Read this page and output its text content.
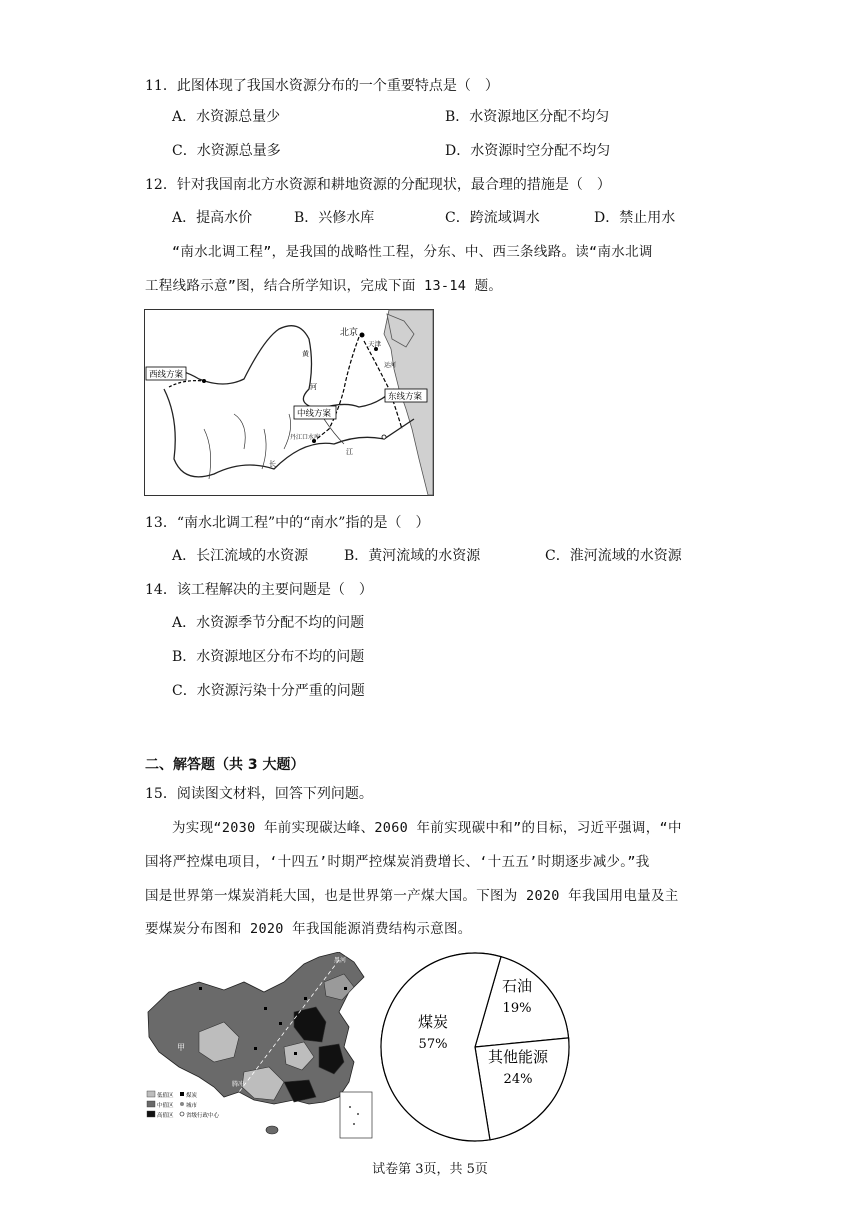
11．此图体现了我国水资源分布的一个重要特点是（　）
A．水资源总量少	B．水资源地区分配不均匀
C．水资源总量多	D．水资源时空分配不均匀
12．针对我国南北方水资源和耕地资源的分配现状，最合理的措施是（　）
A．提高水价	B．兴修水库	C．跨流域调水	D．禁止用水
“南水北调工程”，是我国的战略性工程，分东、中、西三条线路。读“南水北调
工程线路示意”图，结合所学知识，完成下面 13-14 题。
西线方案
中线方案
东线方案
北京
天津
丹江口水库
黄
河
长
江
运河
13．“南水北调工程”中的“南水”指的是（　）
A．长江流域的水资源	B．黄河流域的水资源	C．淮河流域的水资源
14．该工程解决的主要问题是（　）
A．水资源季节分配不均的问题
B．水资源地区分布不均的问题
C．水资源污染十分严重的问题
二、解答题（共 3 大题）
15．阅读图文材料，回答下列问题。
为实现“2030 年前实现碳达峰、2060 年前实现碳中和”的目标，习近平强调，“中
国将严控煤电项目，‘十四五’时期严控煤炭消费增长、‘十五五’时期逐步减少。”我
国是世界第一煤炭消耗大国，也是世界第一产煤大国。下图为 2020 年我国用电量及主
要煤炭分布图和 2020 年我国能源消费结构示意图。
甲
黑河
腾冲
低值区
中值区
高值区
煤炭
城市
省级行政中心
石油
19%
其他能源
24%
煤炭
57%
试卷第 3页，共 5页
